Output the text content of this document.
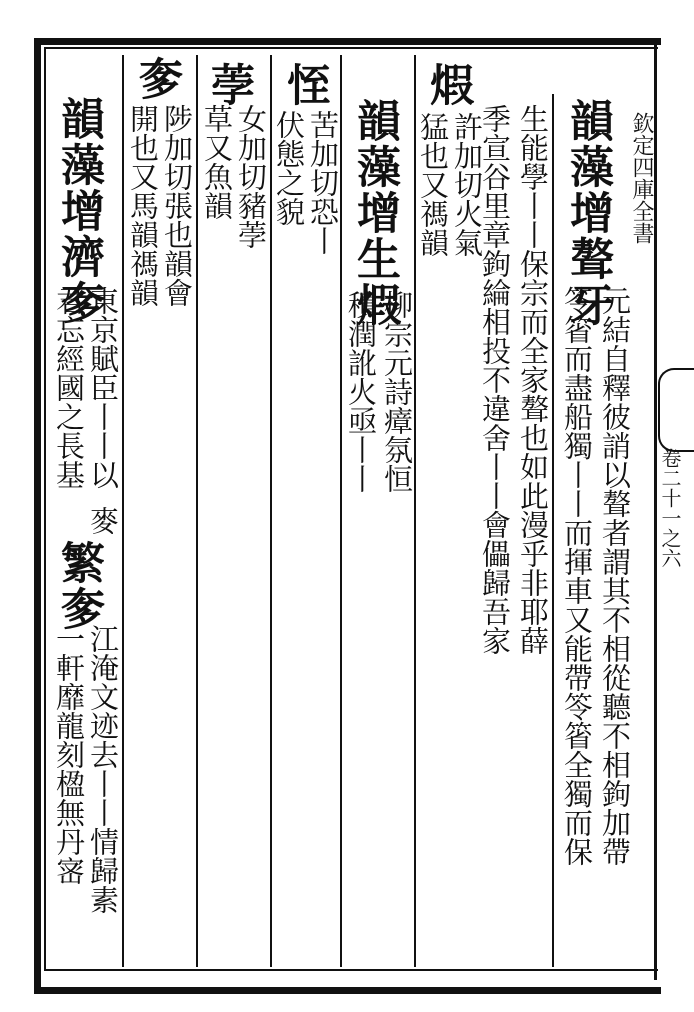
欽定四庫全書
卷二十一之六
韻藻增聱牙
元結自釋彼誚以聱者謂其不相從聽不相鉤加帶
笭箵而盡船獨丨丨而揮車又能帶笭箵全獨而保
生能學丨丨保宗而全家聱也如此漫乎非耶薛
季宣谷里章鉤綸相投不違舍丨丨會儡歸吾家
煆
許加切火氣
猛也又禡韻
韻藻增生煆
柳宗元詩瘴氛恒
積潤訛火亟丨丨
恎
苦加切恐丨
伏態之貌
荸
女加切豬荸
草又魚韻
奓
陟加切張也韻會
開也又馬韻禡韻
韻藻增濟奓
東京賦臣丨丨以
麥
君忘經國之長基
繁奓
江淹文迹去丨丨情歸素
一軒靡龍刻楹無丹宻
